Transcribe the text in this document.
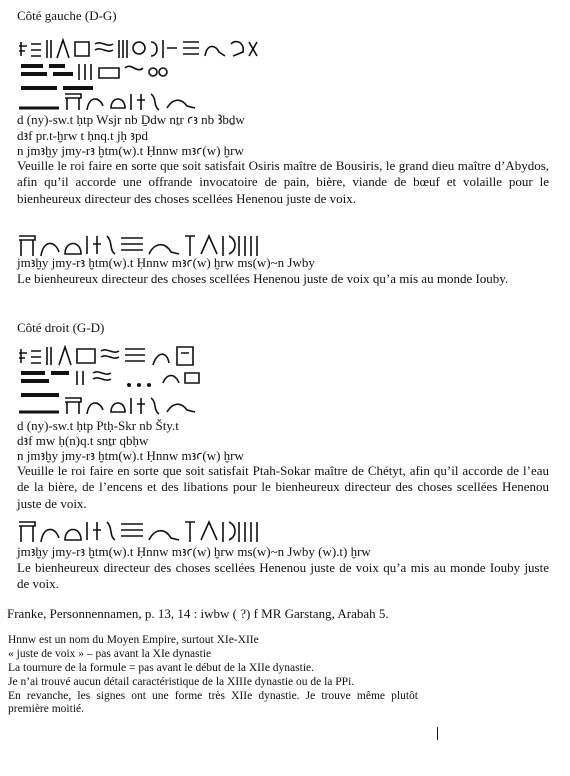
Côté gauche (D-G)
d (ny)-sw.t ḥtp Wsjr nb Ḏdw nṯr ꜥꜣ nb Ꜣbḏw
dꜣf pr.t-ḫrw t ḥnq.t jḥ ꜣpd
n jmꜣḫy jmy-rꜣ ḫtm(w).t Ḥnnw mꜣꜥ(w) ḫrw
Veuille le roi faire en sorte que soit satisfait Osiris maître de Bousiris, le grand dieu maître d’Abydos, afin qu’il accorde une offrande invocatoire de pain, bière, viande de bœuf et volaille pour le bienheureux directeur des choses scellées Henenou juste de voix.
jmꜣḫy jmy-rꜣ ḫtm(w).t Ḥnnw mꜣꜥ(w) ḫrw ms(w)~n Jwby
Le bienheureux directeur des choses scellées Henenou juste de voix qu’a mis au monde Iouby.
Côté droit (G-D)
d (ny)-sw.t ḥtp Ptḥ-Skr nb Šty.t
dꜣf mw ḥ(n)q.t snṯr qbḥw
n jmꜣḫy jmy-rꜣ ḫtm(w).t Ḥnnw mꜣꜥ(w) ḫrw
Veuille le roi faire en sorte que soit satisfait Ptah-Sokar maître de Chétyt, afin qu’il accorde de l’eau de la bière, de l’encens et des libations pour le bienheureux directeur des choses scellées Henenou juste de voix.
jmꜣḫy jmy-rꜣ ḫtm(w).t Ḥnnw mꜣꜥ(w) ḫrw ms(w)~n Jwby (w).t) ḫrw
Le bienheureux directeur des choses scellées Henenou juste de voix qu’a mis au monde Iouby juste de voix.
Franke, Personnennamen, p. 13, 14 : iwbw ( ?) f MR Garstang, Arabah 5.
Hnnw est un nom du Moyen Empire, surtout XIe-XIIe
« juste de voix » – pas avant la XIe dynastie
La tournure de la formule = pas avant le début de la XIIe dynastie.
Je n’ai trouvé aucun détail caractéristique de la XIIIe dynastie ou de la PPi.
En revanche, les signes ont une forme très XIIe dynastie. Je trouve même plutôt première moitié.
